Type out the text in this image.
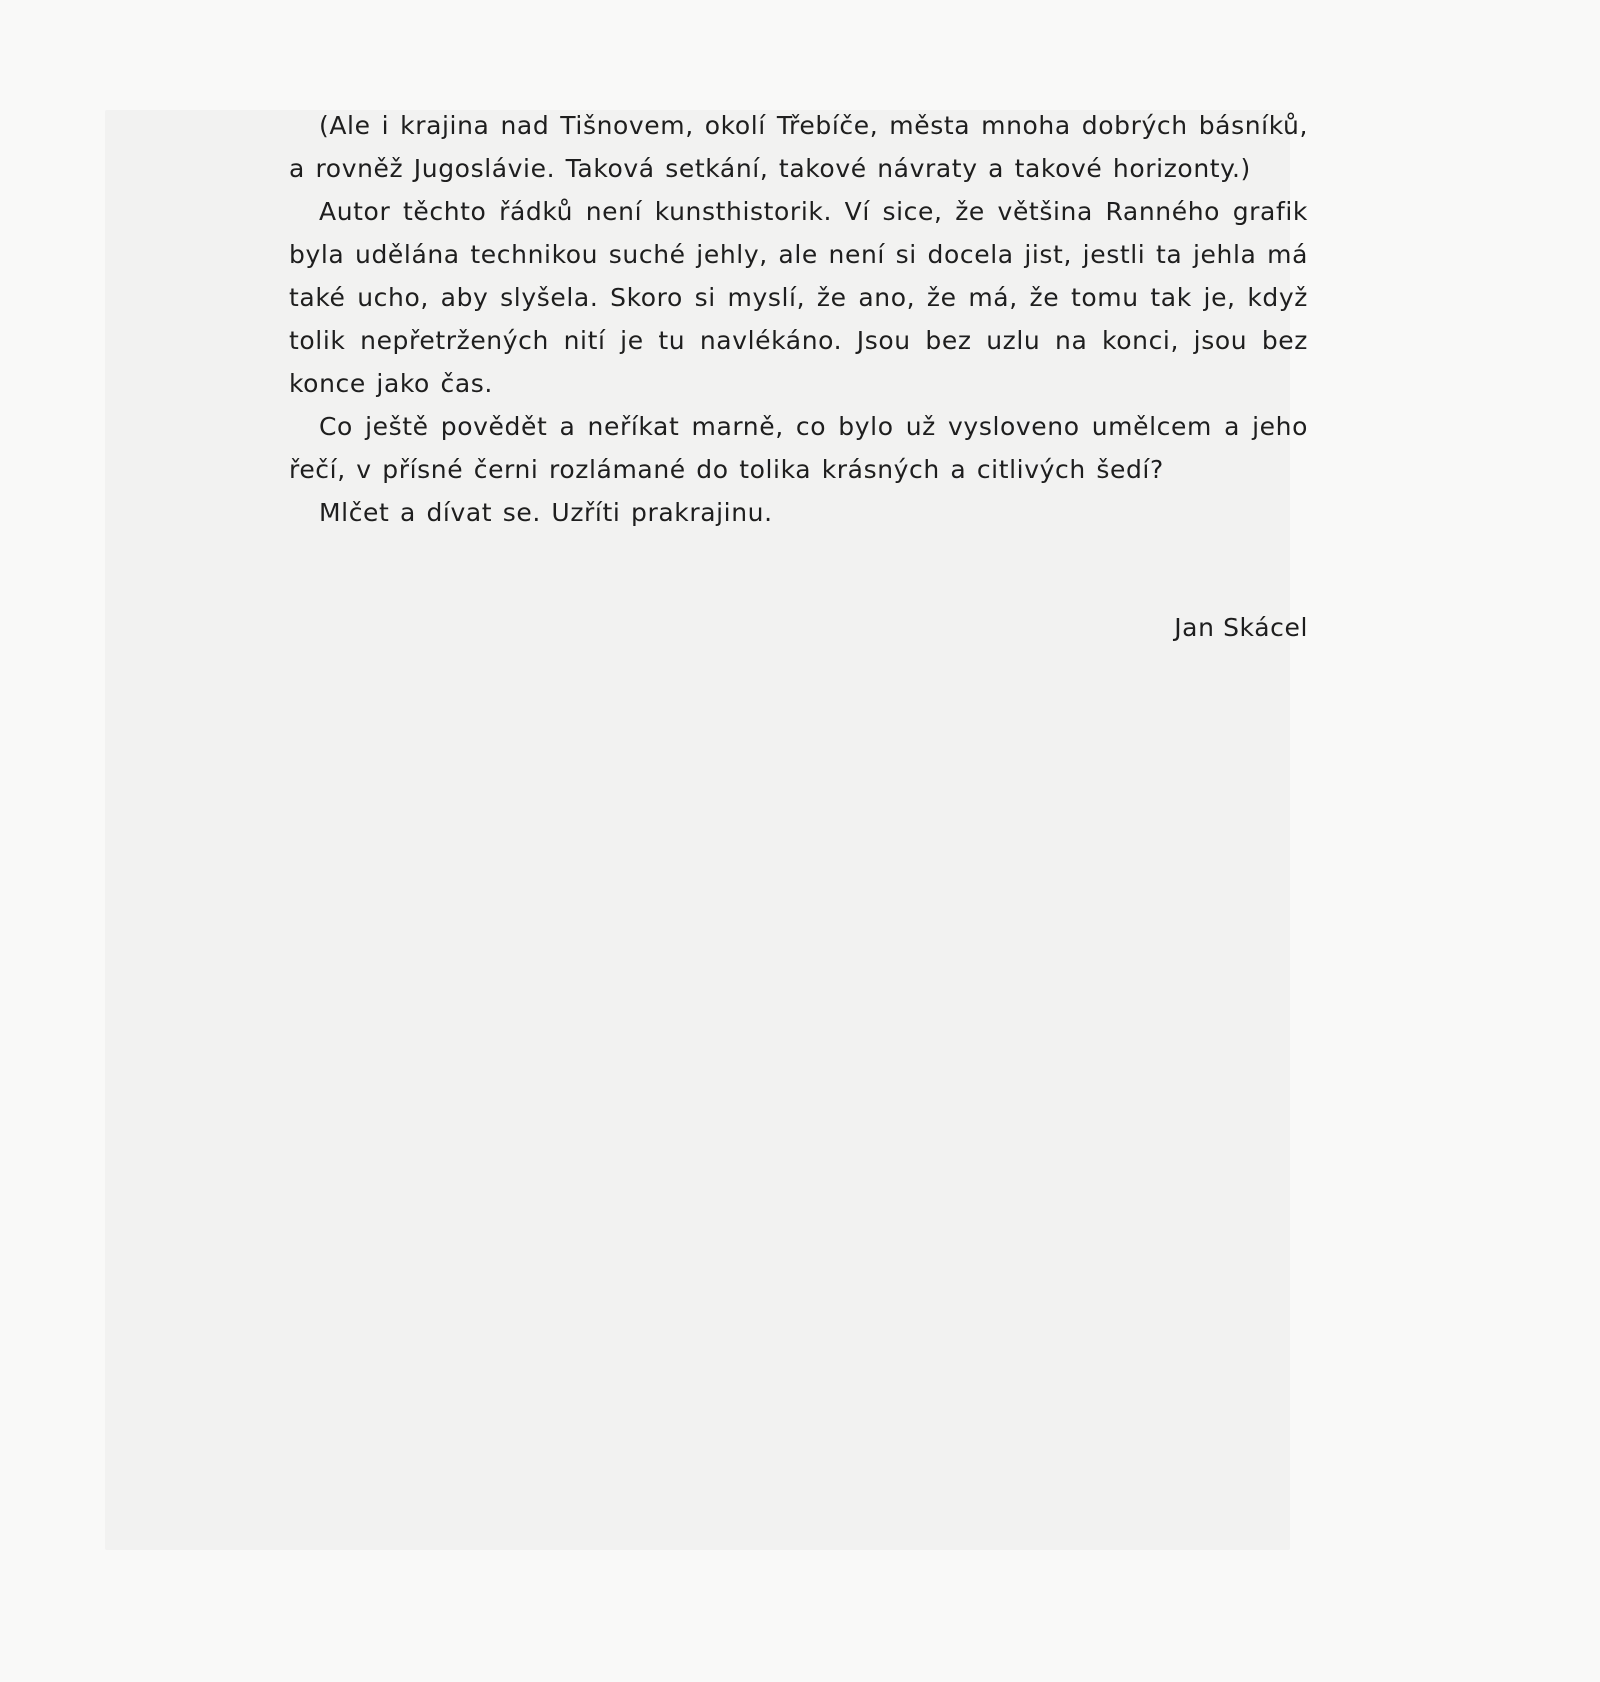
(Ale i krajina nad Tišnovem, okolí Třebíče, města mnoha dobrých básníků, a rovněž Jugoslávie. Taková setkání, takové návraty a takové horizonty.)

Autor těchto řádků není kunsthistorik. Ví sice, že většina Ranného grafik byla udělána technikou suché jehly, ale není si docela jist, jestli ta jehla má také ucho, aby slyšela. Skoro si myslí, že ano, že má, že tomu tak je, když tolik nepřetržených nití je tu navlékáno. Jsou bez uzlu na konci, jsou bez konce jako čas.

Co ještě povědět a neříkat marně, co bylo už vysloveno umělcem a jeho řečí, v přísné černi rozlámané do tolika krásných a citlivých šedí?

Mlčet a dívat se. Uzříti prakrajinu.

Jan Skácel
